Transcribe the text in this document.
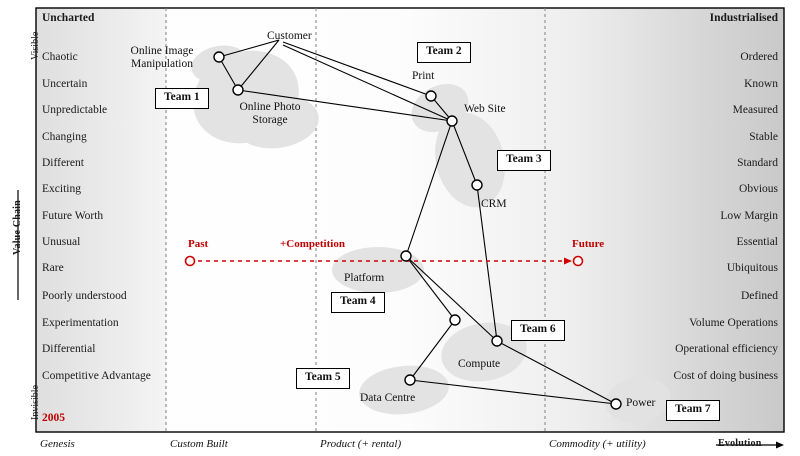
Uncharted	Industrialised
2005
Value Chain
Visible
Invisible
Evolution
Genesis	Custom Built	Product (+ rental)	Commodity (+ utility)
Chaotic
Uncertain
Unpredictable
Changing
Different
Exciting
Future Worth
Unusual
Rare
Poorly understood
Experimentation
Differential
Competitive Advantage
Ordered
Known
Measured
Stable
Standard
Obvious
Low Margin
Essential
Ubiquitous
Defined
Volume Operations
Operational efficiency
Cost of doing business
Customer
Online Image
Manipulation
Online Photo
Storage
Print
Web Site
CRM
Platform
Compute
Data Centre	Power
Past	+Competition	Future
Team 1
Team 2
Team 3
Team 4
Team 5
Team 6
Team 7
